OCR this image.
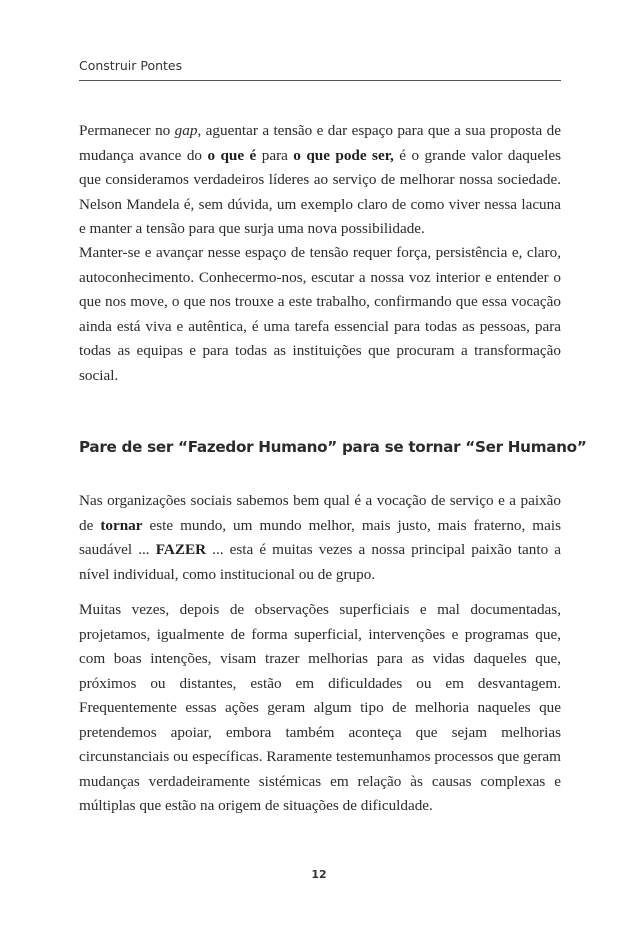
Construir Pontes

Permanecer no gap, aguentar a tensão e dar espaço para que a sua proposta de mudança avance do o que é para o que pode ser, é o grande valor daqueles que consideramos verdadeiros líderes ao serviço de melhorar nossa sociedade. Nelson Mandela é, sem dúvida, um exemplo claro de como viver nessa lacuna e manter a tensão para que surja uma nova possibilidade.

Manter-se e avançar nesse espaço de tensão requer força, persistência e, claro, autoconhecimento. Conhecermo-nos, escutar a nossa voz interior e entender o que nos move, o que nos trouxe a este trabalho, confirmando que essa vocação ainda está viva e autêntica, é uma tarefa essencial para todas as pessoas, para todas as equipas e para todas as instituições que procuram a transformação social.

Pare de ser “Fazedor Humano” para se tornar “Ser Humano”

Nas organizações sociais sabemos bem qual é a vocação de serviço e a paixão de tornar este mundo, um mundo melhor, mais justo, mais fraterno, mais saudável ... FAZER ... esta é muitas vezes a nossa principal paixão tanto a nível individual, como institucional ou de grupo.

Muitas vezes, depois de observações superficiais e mal documentadas, projetamos, igualmente de forma superficial, intervenções e programas que, com boas intenções, visam trazer melhorias para as vidas daqueles que, próximos ou distantes, estão em dificuldades ou em desvantagem. Frequentemente essas ações geram algum tipo de melhoria naqueles que pretendemos apoiar, embora também aconteça que sejam melhorias circunstanciais ou específicas. Raramente testemunhamos processos que geram mudanças verdadeiramente sistémicas em relação às causas complexas e múltiplas que estão na origem de situações de dificuldade.

12
